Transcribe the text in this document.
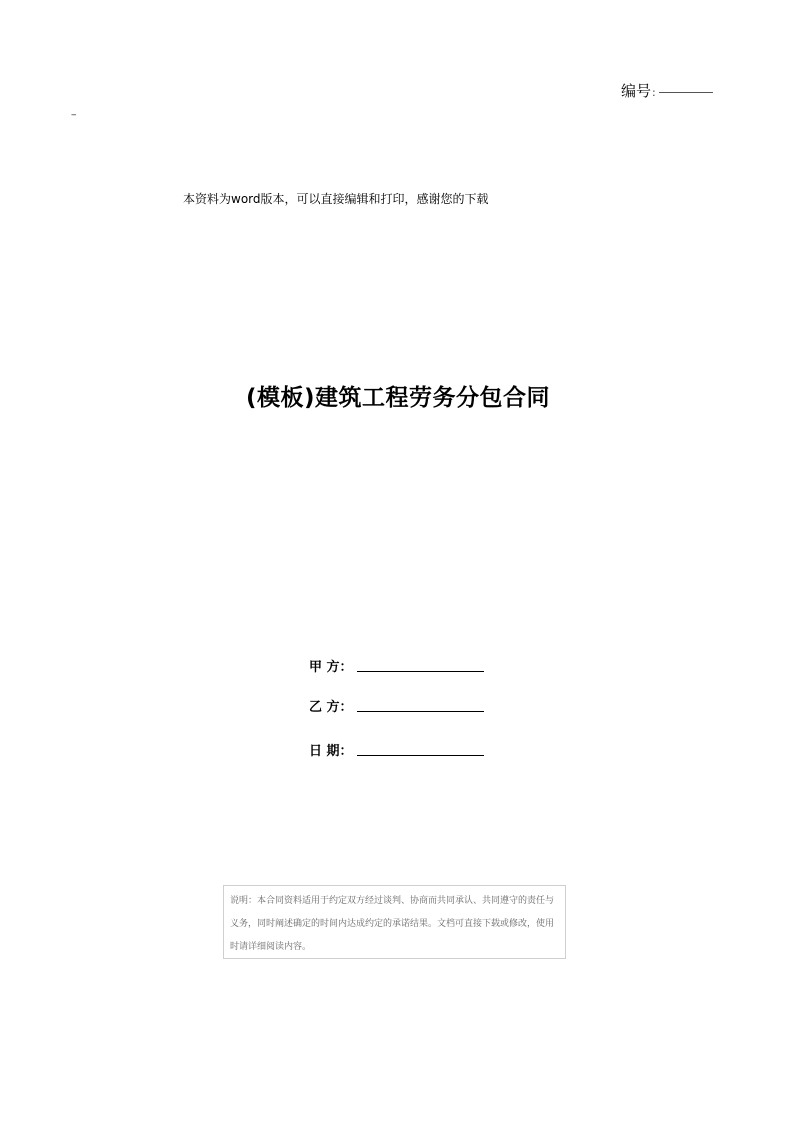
编号:
--
本资料为word版本，可以直接编辑和打印，感谢您的下载
(模板)建筑工程劳务分包合同
甲 方：
乙 方：
日 期：
说明：本合同资料适用于约定双方经过谈判、协商而共同承认、共同遵守的责任与
义务，同时阐述确定的时间内达成约定的承诺结果。文档可直接下载或修改，使用
时请详细阅读内容。
